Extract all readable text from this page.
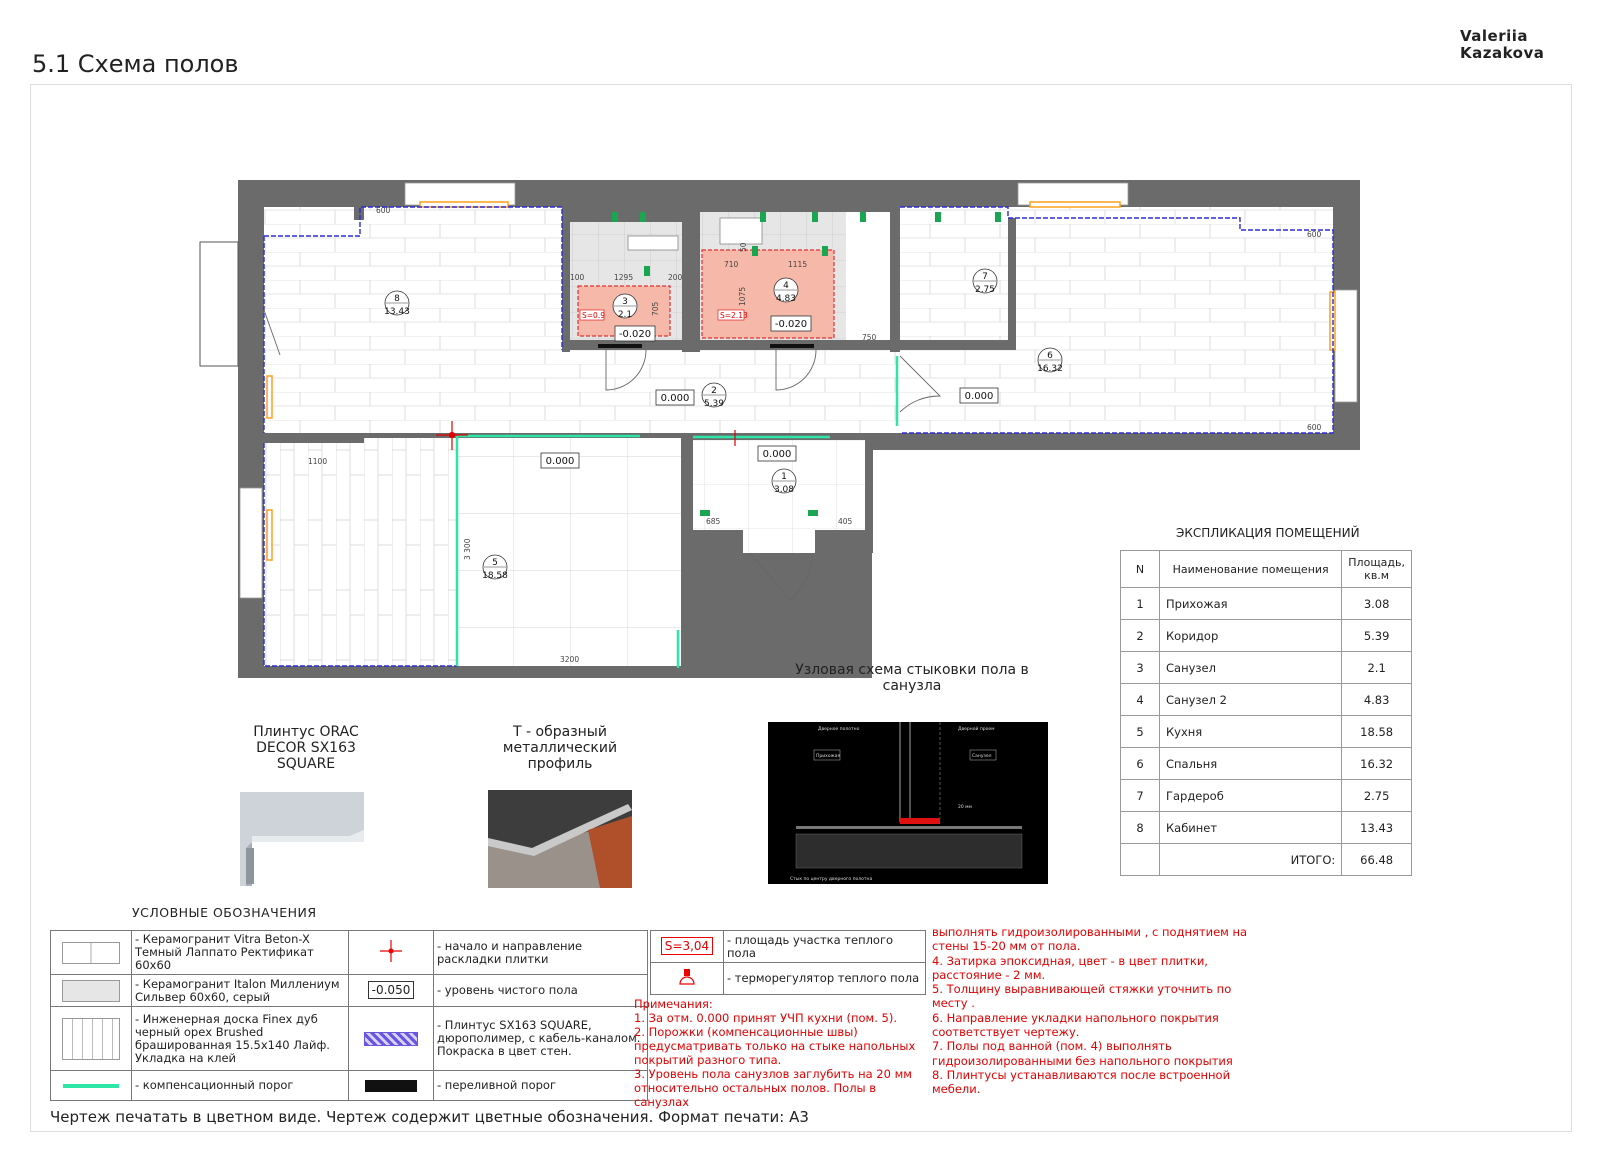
5.1 Схема полов
Valeriia
Kazakova
8
13.43
2
5.39
3
2.1
4
4.83
7
2.75
6
16.32
1
3.08
5
18.58
0.000	0.000
0.000
0.000
-0.020
-0.020
S=0.9	S=2.13
600
600
600
1295
100	200
705
710	1115
1075
50
750
1100
3 300
3200
685	405
Плинтус ORAC DECOR SX163 SQUARE
Т - образный металлический профиль
Узловая схема стыковки пола в санузла
Дверное полотно	Дверной проем
Прихожая	Санузел
20 мм
Стык по центру дверного полотна
ЭКСПЛИКАЦИЯ ПОМЕЩЕНИЙ
N	Наименование помещения	Площадь, кв.м
1	Прихожая	3.08
2	Коридор	5.39
3	Санузел	2.1
4	Санузел 2	4.83
5	Кухня	18.58
6	Спальня	16.32
7	Гардероб	2.75
8	Кабинет	13.43
	ИТОГО:	66.48
УСЛОВНЫЕ ОБОЗНАЧЕНИЯ
	- Керамогранит Vitra Beton-X Темный Лаппато Ректификат 60х60		- начало и направление раскладки плитки

	- Керамогранит Italon Миллениум Сильвер 60х60, серый	-0.050	- уровень чистого пола

	- Инженерная доска Finex дуб черный орех Brushed брашированная 15.5х140 Лайф. Укладка на клей		- Плинтус SX163 SQUARE, дюрополимер, с кабель-каналом. Покраска в цвет стен.

	- компенсационный порог		- переливной порог
S=3,04	- площадь участка теплого пола
	- терморегулятор теплого пола
Примечания:
1. За отм. 0.000 принят УЧП кухни (пом. 5).
2. Порожки (компенсационные швы) предусматривать только на стыке напольных покрытий разного типа.
3. Уровень пола санузлов заглубить на 20 мм относительно остальных полов. Полы в санузлах
выполнять гидроизолированными , с поднятием на стены 15-20 мм от пола.
4. Затирка эпоксидная, цвет - в цвет плитки, расстояние - 2 мм.
5. Толщину выравнивающей стяжки уточнить по месту .
6. Направление укладки напольного покрытия соответствует чертежу.
7. Полы под ванной (пом. 4) выполнять гидроизолированными без напольного покрытия
8. Плинтусы устанавливаются после встроенной мебели.
Чертеж печатать в цветном виде. Чертеж содержит цветные обозначения. Формат печати: А3
